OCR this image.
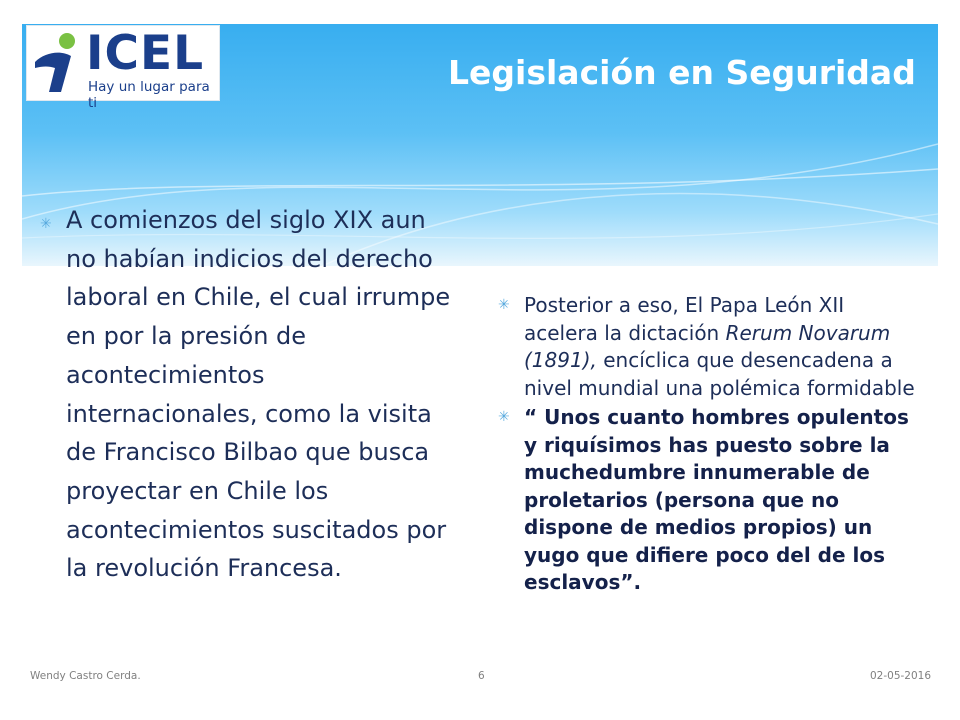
ICEL
Hay un lugar para ti
Legislación en Seguridad
✳ A comienzos del siglo XIX aun no habían indicios del derecho laboral en Chile, el cual irrumpe en por la presión de acontecimientos internacionales, como la visita de Francisco Bilbao que busca proyectar en Chile los acontecimientos suscitados por la revolución Francesa.
✳ Posterior a eso, El Papa León XII acelera la dictación Rerum Novarum (1891), encíclica que desencadena a nivel mundial una polémica formidable
✳ “ Unos cuanto hombres opulentos y riquísimos has puesto sobre la muchedumbre innumerable de proletarios (persona que no dispone de medios propios) un yugo que difiere poco del de los esclavos”.
Wendy Castro Cerda.	6	02-05-2016
